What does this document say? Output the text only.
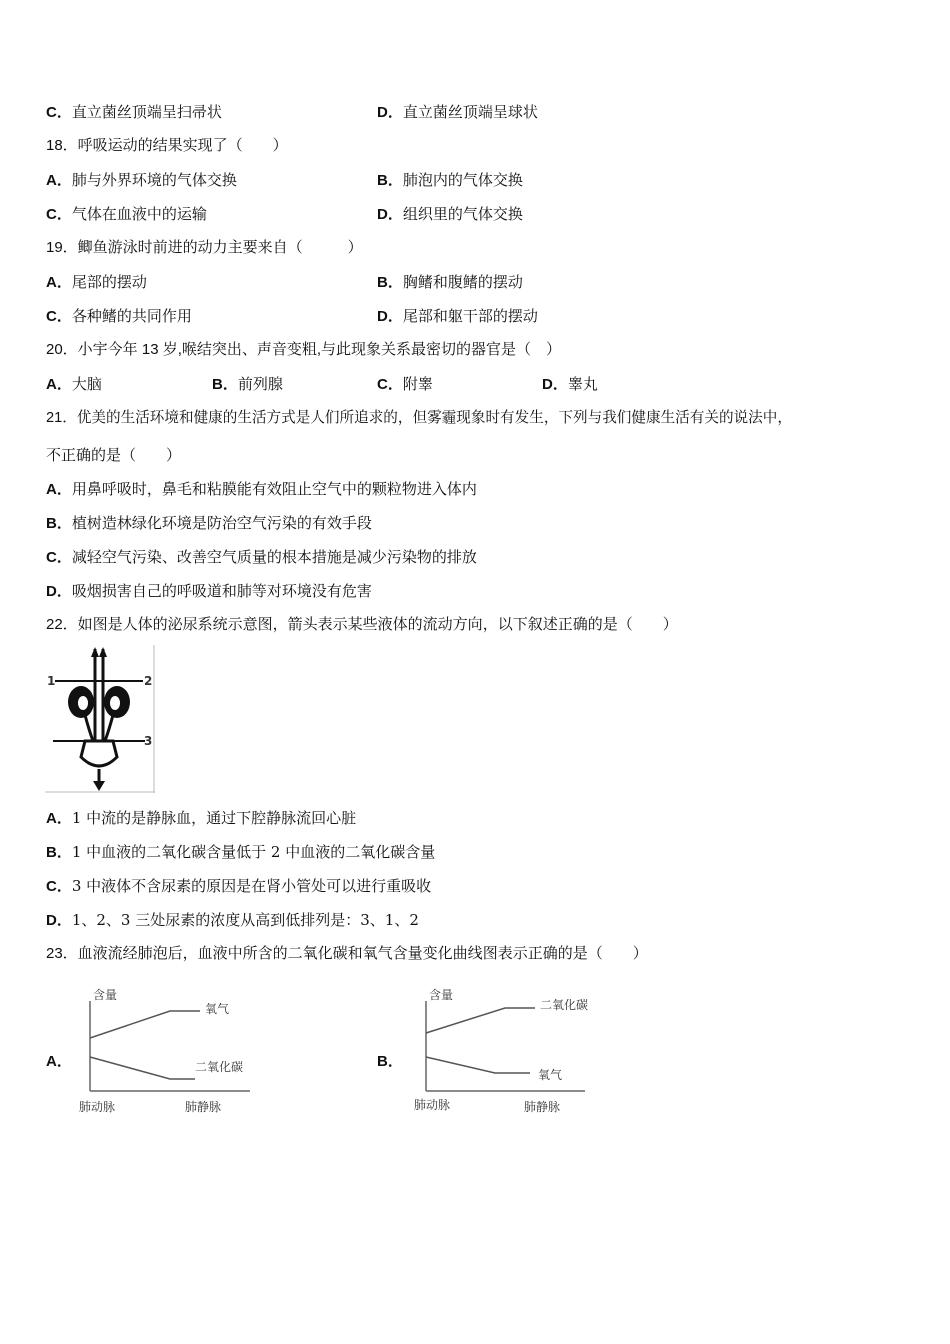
C．直立菌丝顶端呈扫帚状	D．直立菌丝顶端呈球状
18．呼吸运动的结果实现了（　　）
A．肺与外界环境的气体交换	B．肺泡内的气体交换
C．气体在血液中的运输	D．组织里的气体交换
19．鲫鱼游泳时前进的动力主要来自（　　　）
A．尾部的摆动	B．胸鳍和腹鳍的摆动
C．各种鳍的共同作用	D．尾部和躯干部的摆动
20．小宇今年 13 岁,喉结突出、声音变粗,与此现象关系最密切的器官是（　）
A．大脑	B．前列腺	C．附睾	D．睾丸
21．优美的生活环境和健康的生活方式是人们所追求的，但雾霾现象时有发生，下列与我们健康生活有关的说法中，
不正确的是（　　）
A．用鼻呼吸时，鼻毛和粘膜能有效阻止空气中的颗粒物进入体内
B．植树造林绿化环境是防治空气污染的有效手段
C．减轻空气污染、改善空气质量的根本措施是减少污染物的排放
D．吸烟损害自己的呼吸道和肺等对环境没有危害
22．如图是人体的泌尿系统示意图，箭头表示某些液体的流动方向，以下叙述正确的是（　　）
1	2
3
A．1 中流的是静脉血，通过下腔静脉流回心脏
B．1 中血液的二氧化碳含量低于 2 中血液的二氧化碳含量
C．3 中液体不含尿素的原因是在肾小管处可以进行重吸收
D．1、2、3 三处尿素的浓度从高到低排列是：3、1、2
23．血液流经肺泡后，血液中所含的二氧化碳和氧气含量变化曲线图表示正确的是（　　）
A．	B．
含量
氧气
二氧化碳
肺动脉	肺静脉
含量
二氧化碳
氧气
肺动脉	肺静脉
